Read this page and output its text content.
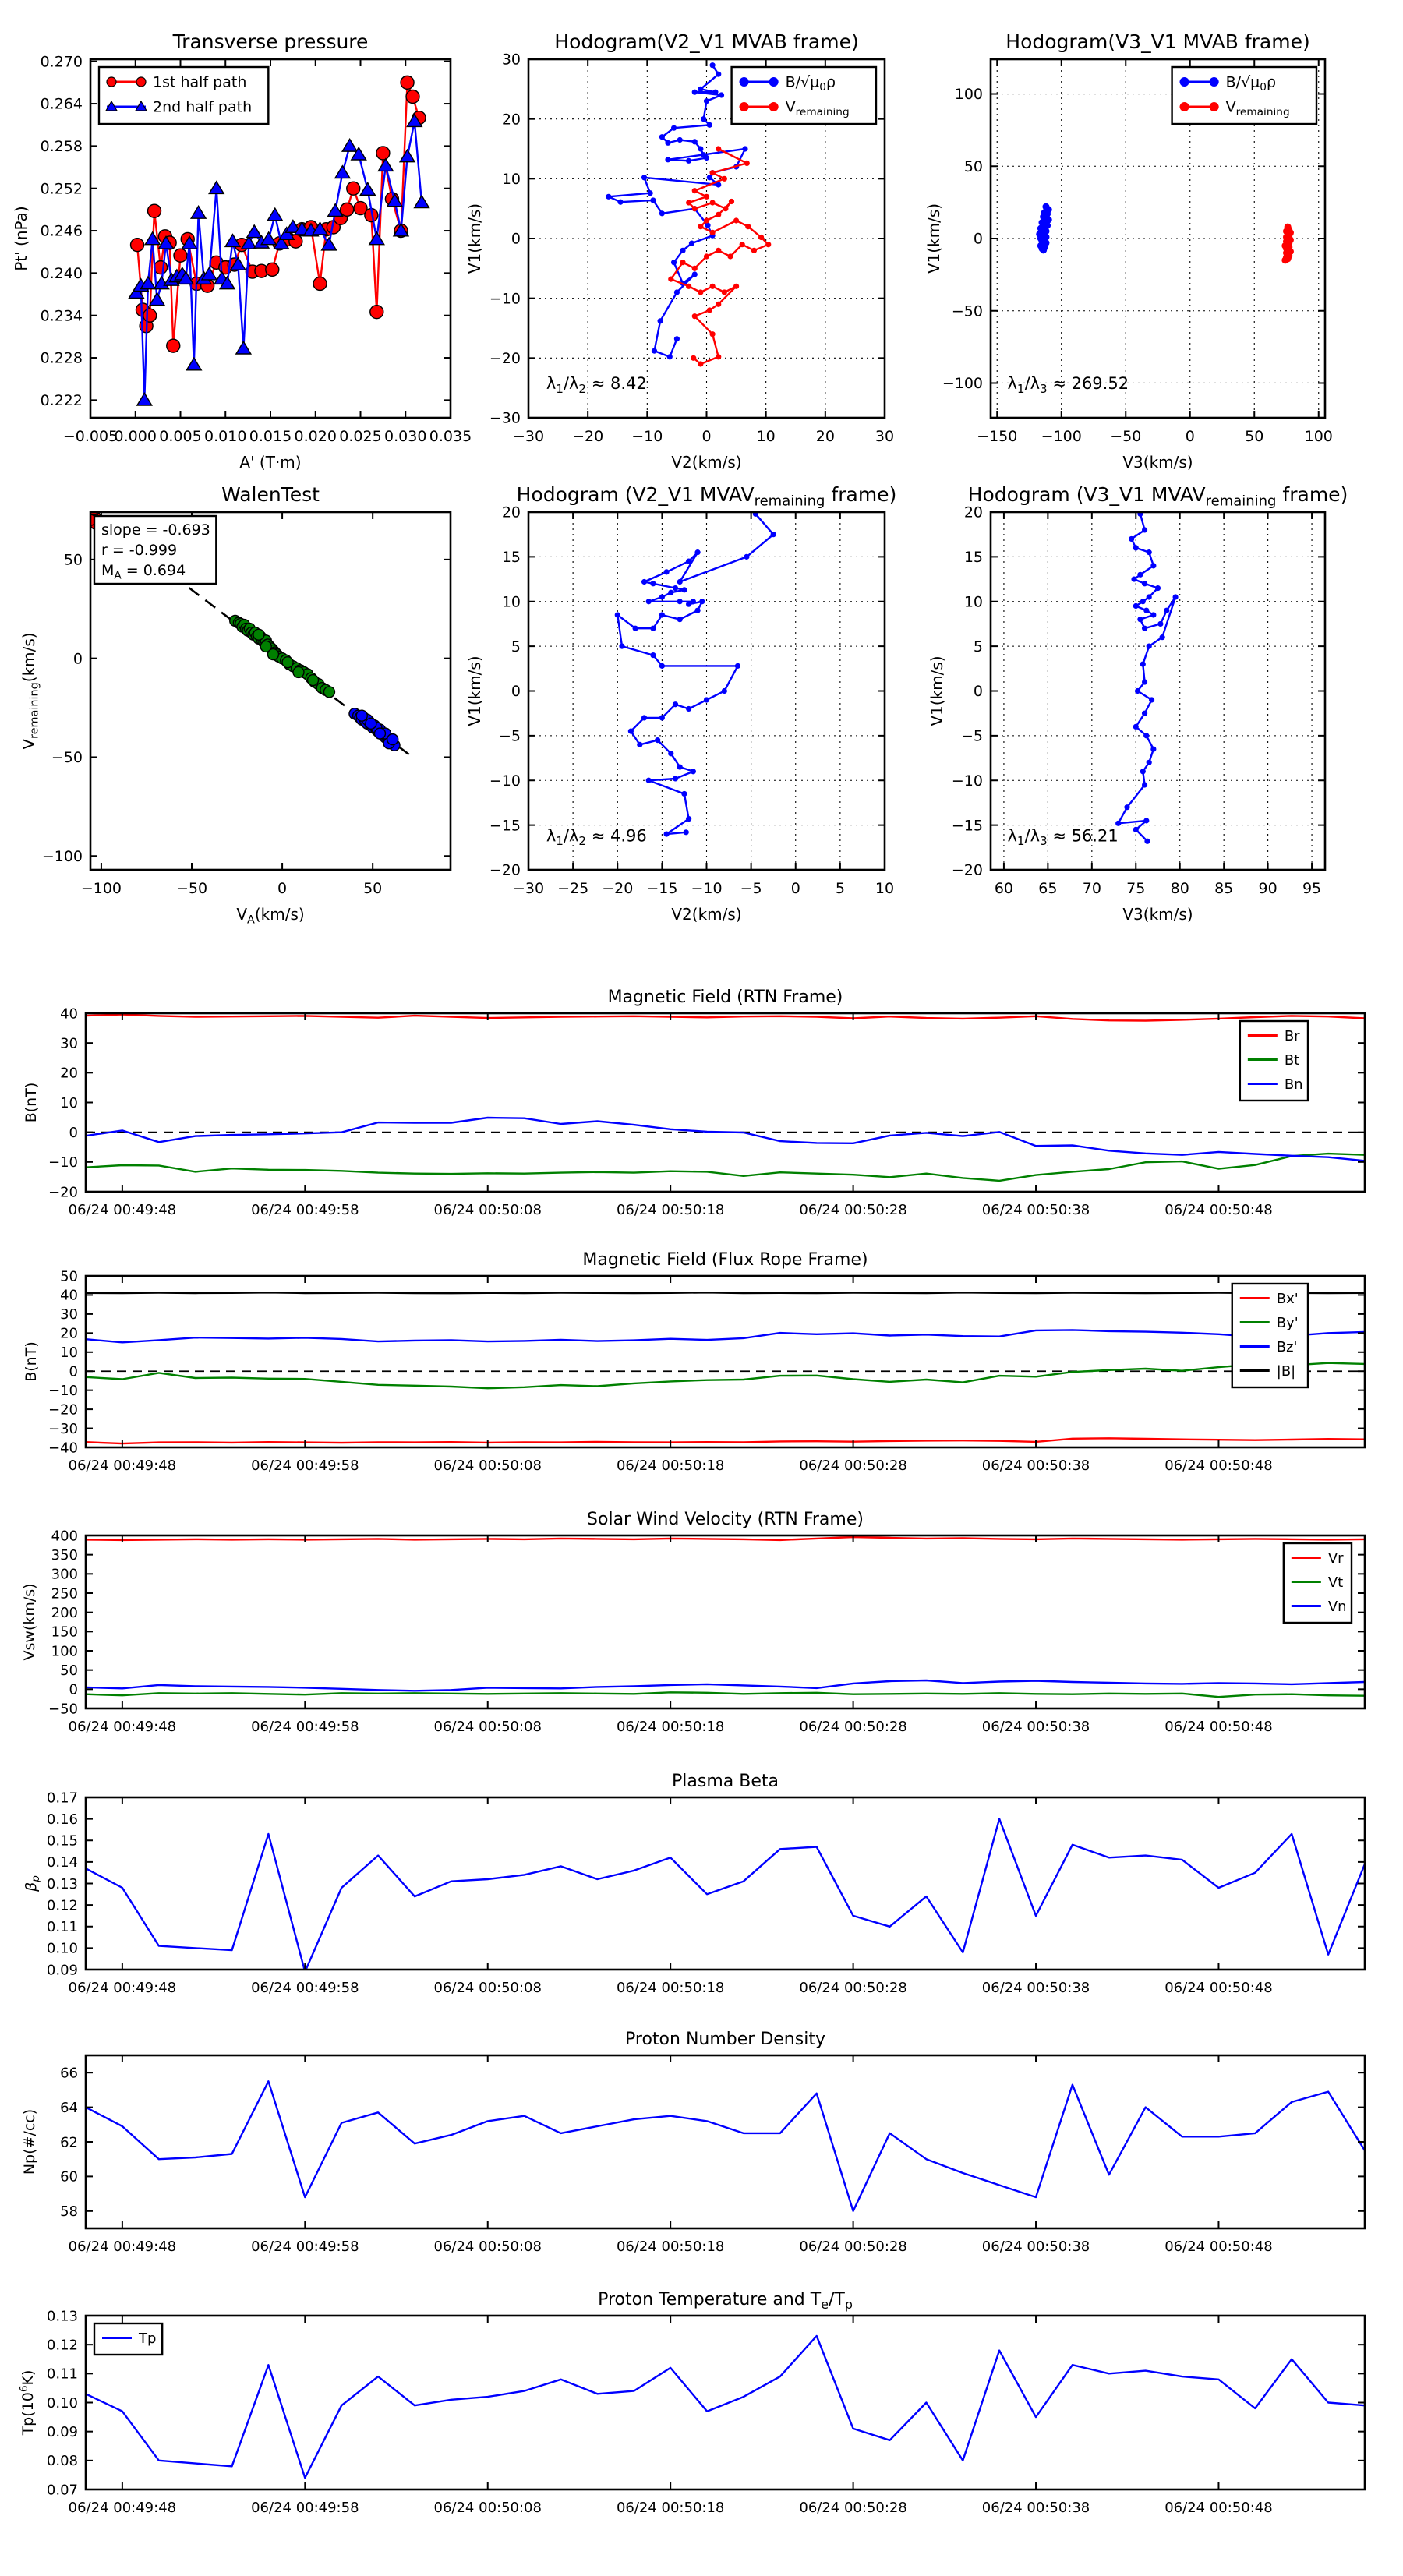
−0.005
0.000 0.005 0.010 0.015 0.020 0.025 0.030 0.035
0.222
0.228
0.234
0.240
0.246
0.252
0.258
0.264
0.270
Transverse pressure
A' (T·m)
Pt' (nPa)
1st half path
2nd half path
−30 −20 −10	0	10	20	30
−30
−20
−10
0
10
20
30
Hodogram(V2_V1 MVAB frame)
V2(km/s)
V1(km/s)
$\lambda_1/\lambda_2 \approx 8.42$
$B/√\mu_0\rho$
$V_{remaining}$
−150 −100 −50	0	50	100
−100
−50
0
50
100
Hodogram(V3_V1 MVAB frame)
V3(km/s)
V1(km/s)
$\lambda_1/\lambda_3 \approx 269.52$
$B/√\mu_0\rho$
$V_{remaining}$
−100	−50	0	50
50
0
−50
−100
WalenTest
$V_A(km/s)$
$V_{remaining}(km/s)$
slope = -0.693
r = -0.999
$M_A = 0.694$
−30 −25 −20 −15 −10 −5 0 5 10
−20
−15
−10
−5
0
5
10
15
20
Hodogram (V2_V1 $MVAV_{remaining}$ frame)
V2(km/s)
V1(km/s)
$\lambda_1/\lambda_2 \approx 4.96$
60 65 70 75 80 85 90 95
−20
−15
−10
−5
0
5
10
15
20
Hodogram (V3_V1 $MVAV_{remaining}$ frame)
V3(km/s)
V1(km/s)
$\lambda_1/\lambda_3 \approx 56.21$
06/24 00:49:48	06/24 00:49:58	06/24 00:50:08	06/24 00:50:18	06/24 00:50:28	06/24 00:50:38	06/24 00:50:48
−20
−10
0
10
20
30
40
Magnetic Field (RTN Frame)
B(nT)
Br
Bt
Bn
06/24 00:49:48	06/24 00:49:58	06/24 00:50:08	06/24 00:50:18	06/24 00:50:28	06/24 00:50:38	06/24 00:50:48
−40
−30
−20
−10
0
10
20
30
40
50
Magnetic Field (Flux Rope Frame)
B(nT)
Bx'
By'
Bz'
|B|
06/24 00:49:48	06/24 00:49:58	06/24 00:50:08	06/24 00:50:18	06/24 00:50:28	06/24 00:50:38	06/24 00:50:48
−50
0
50
100
150
200
250
300
350
400
Solar Wind Velocity (RTN Frame)
Vsw(km/s)
Vr
Vt
Vn
06/24 00:49:48	06/24 00:49:58	06/24 00:50:08	06/24 00:50:18	06/24 00:50:28	06/24 00:50:38	06/24 00:50:48
0.09
0.10
0.11
0.12
0.13
0.14
0.15
0.16
0.17
Plasma Beta
$\beta_p$
06/24 00:49:48	06/24 00:49:58	06/24 00:50:08	06/24 00:50:18	06/24 00:50:28	06/24 00:50:38	06/24 00:50:48
58
60
62
64
66
Proton Number Density
Np(#/cc)
06/24 00:49:48	06/24 00:49:58	06/24 00:50:08	06/24 00:50:18	06/24 00:50:28	06/24 00:50:38	06/24 00:50:48
0.07
0.08
0.09
0.10
0.11
0.12
0.13
Proton Temperature and $T_e/T_p$
$Tp(10^6K)$
Tp
